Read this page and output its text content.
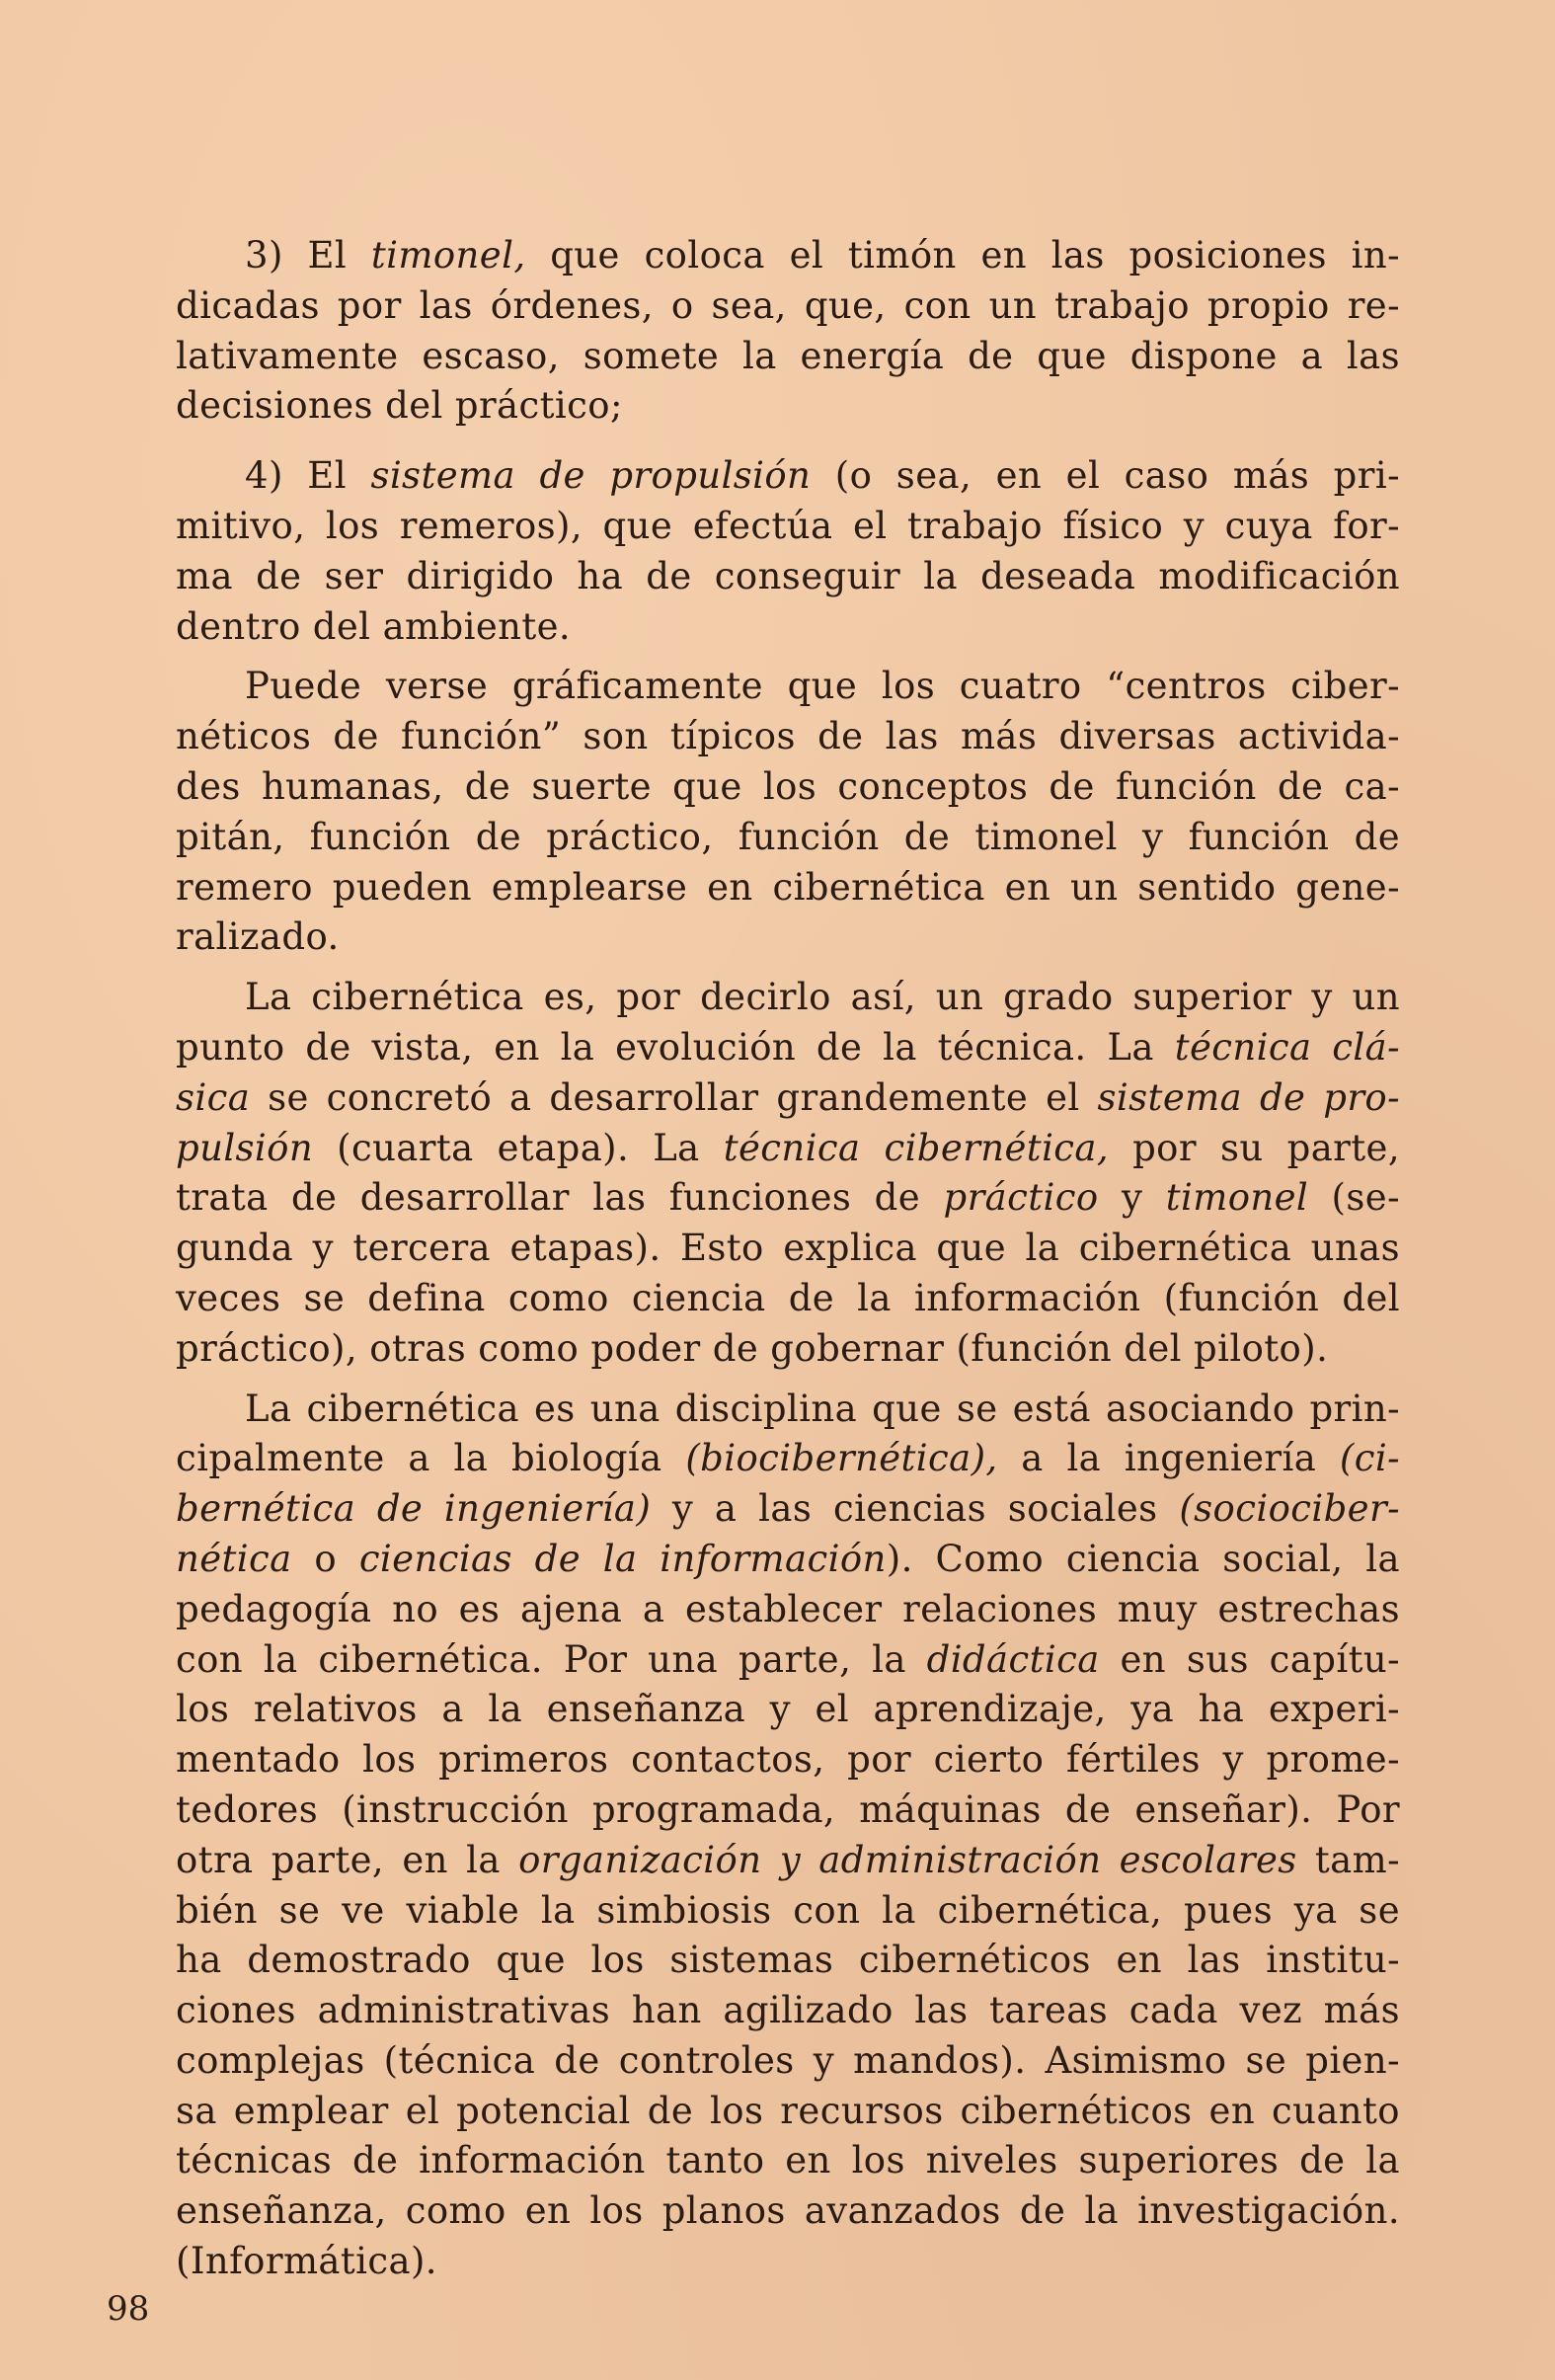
3) El timonel, que coloca el timón en las posiciones in-
dicadas por las órdenes, o sea, que, con un trabajo propio re-
lativamente escaso, somete la energía de que dispone a las
decisiones del práctico;
4) El sistema de propulsión (o sea, en el caso más pri-
mitivo, los remeros), que efectúa el trabajo físico y cuya for-
ma de ser dirigido ha de conseguir la deseada modificación
dentro del ambiente.
Puede verse gráficamente que los cuatro “centros ciber-
néticos de función” son típicos de las más diversas activida-
des humanas, de suerte que los conceptos de función de ca-
pitán, función de práctico, función de timonel y función de
remero pueden emplearse en cibernética en un sentido gene-
ralizado.
La cibernética es, por decirlo así, un grado superior y un
punto de vista, en la evolución de la técnica. La técnica clá-
sica se concretó a desarrollar grandemente el sistema de pro-
pulsión (cuarta etapa). La técnica cibernética, por su parte,
trata de desarrollar las funciones de práctico y timonel (se-
gunda y tercera etapas). Esto explica que la cibernética unas
veces se defina como ciencia de la información (función del
práctico), otras como poder de gobernar (función del piloto).
La cibernética es una disciplina que se está asociando prin-
cipalmente a la biología (biocibernética), a la ingeniería (ci-
bernética de ingeniería) y a las ciencias sociales (sociociber-
nética o ciencias de la información). Como ciencia social, la
pedagogía no es ajena a establecer relaciones muy estrechas
con la cibernética. Por una parte, la didáctica en sus capítu-
los relativos a la enseñanza y el aprendizaje, ya ha experi-
mentado los primeros contactos, por cierto fértiles y prome-
tedores (instrucción programada, máquinas de enseñar). Por
otra parte, en la organización y administración escolares tam-
bién se ve viable la simbiosis con la cibernética, pues ya se
ha demostrado que los sistemas cibernéticos en las institu-
ciones administrativas han agilizado las tareas cada vez más
complejas (técnica de controles y mandos). Asimismo se pien-
sa emplear el potencial de los recursos cibernéticos en cuanto
técnicas de información tanto en los niveles superiores de la
enseñanza, como en los planos avanzados de la investigación.
(Informática).
98
